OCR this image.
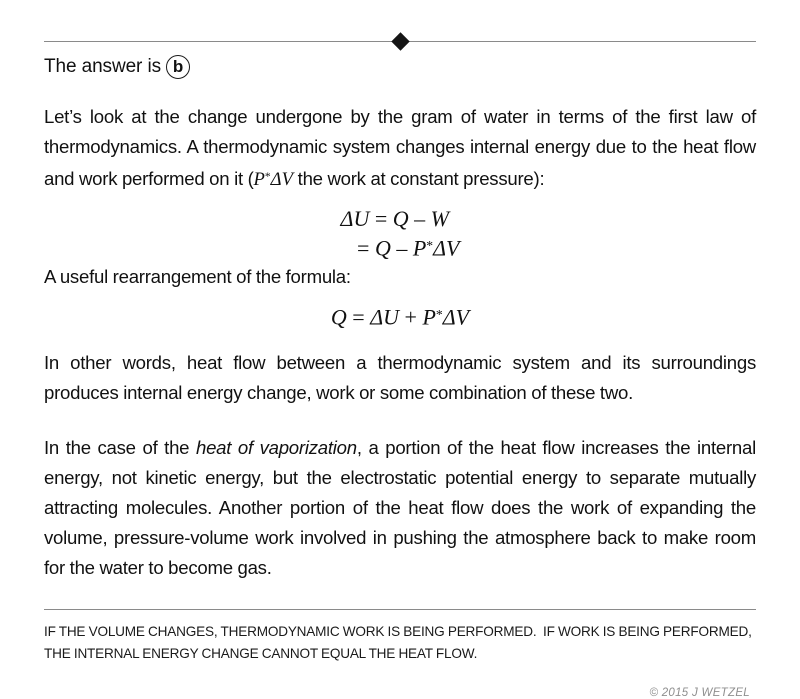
The answer is b

Let’s look at the change undergone by the gram of water in terms of the first law of thermodynamics. A thermodynamic system changes internal energy due to the heat flow and work performed on it (P*ΔV the work at constant pressure):

ΔU = Q – W
= Q – P*ΔV

A useful rearrangement of the formula:

Q = ΔU + P*ΔV

In other words, heat flow between a thermodynamic system and its surroundings produces internal energy change, work or some combination of these two.

In the case of the heat of vaporization, a portion of the heat flow increases the internal energy, not kinetic energy, but the electrostatic potential energy to separate mutually attracting molecules. Another portion of the heat flow does the work of expanding the volume, pressure-volume work involved in pushing the atmosphere back to make room for the water to become gas.

IF THE VOLUME CHANGES, THERMODYNAMIC WORK IS BEING PERFORMED.  IF WORK IS BEING PERFORMED,
THE INTERNAL ENERGY CHANGE CANNOT EQUAL THE HEAT FLOW.
© 2015 J WETZEL
